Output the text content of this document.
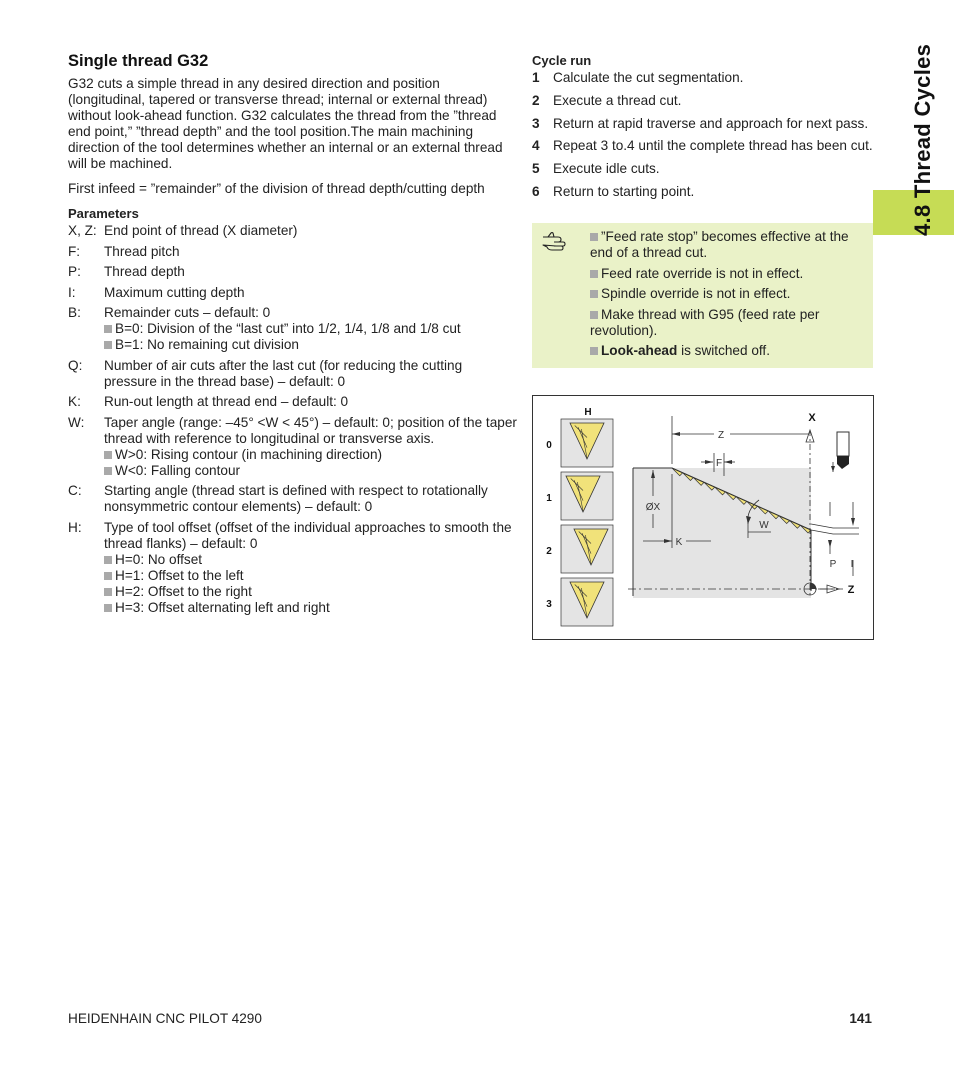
4.8 Thread Cycles
Single thread G32

G32 cuts a simple thread in any desired direction and position (longitudinal, tapered or transverse thread; internal or external thread) without look-ahead function. G32 calculates the thread from the ”thread end point,” ”thread depth” and the tool position.The main machining direction of the tool determines whether an internal or an external thread will be machined.

First infeed = ”remainder” of the division of thread depth/cutting depth

Parameters
X, Z: End point of thread (X diameter)
F:	Thread pitch
P:	Thread depth
I:	Maximum cutting depth
B:	Remainder cuts – default: 0
B=0: Division of the “last cut” into 1/2, 1/4, 1/8 and 1/8 cut
B=1: No remaining cut division
Q:	Number of air cuts after the last cut (for reducing the cutting pressure in the thread base) – default: 0
K:	Run-out length at thread end – default: 0
W:	Taper angle (range: –45° <W < 45°) – default: 0; position of the taper thread with reference to longitudinal or transverse axis.
W>0: Rising contour (in machining direction)
W<0: Falling contour
C:	Starting angle (thread start is defined with respect to rotationally nonsymmetric contour elements) – default: 0
H:	Type of tool offset (offset of the individual approaches to smooth the thread flanks) – default: 0
H=0: No offset
H=1: Offset to the left
H=2: Offset to the right
H=3: Offset alternating left and right
Cycle run
1 Calculate the cut segmentation.
2 Execute a thread cut.
3 Return at rapid traverse and approach for next pass.
4 Repeat 3 to.4 until the complete thread has been cut.
5 Execute idle cuts.
6 Return to starting point.
”Feed rate stop” becomes effective at the end of a thread cut.
Feed rate override is not in effect.
Spindle override is not in effect.
Make thread with G95 (feed rate per revolution).
Look-ahead is switched off.
H
0
1
2
3
Z
X
F
ØX
K
W
P I
Z
HEIDENHAIN CNC PILOT 4290	141
